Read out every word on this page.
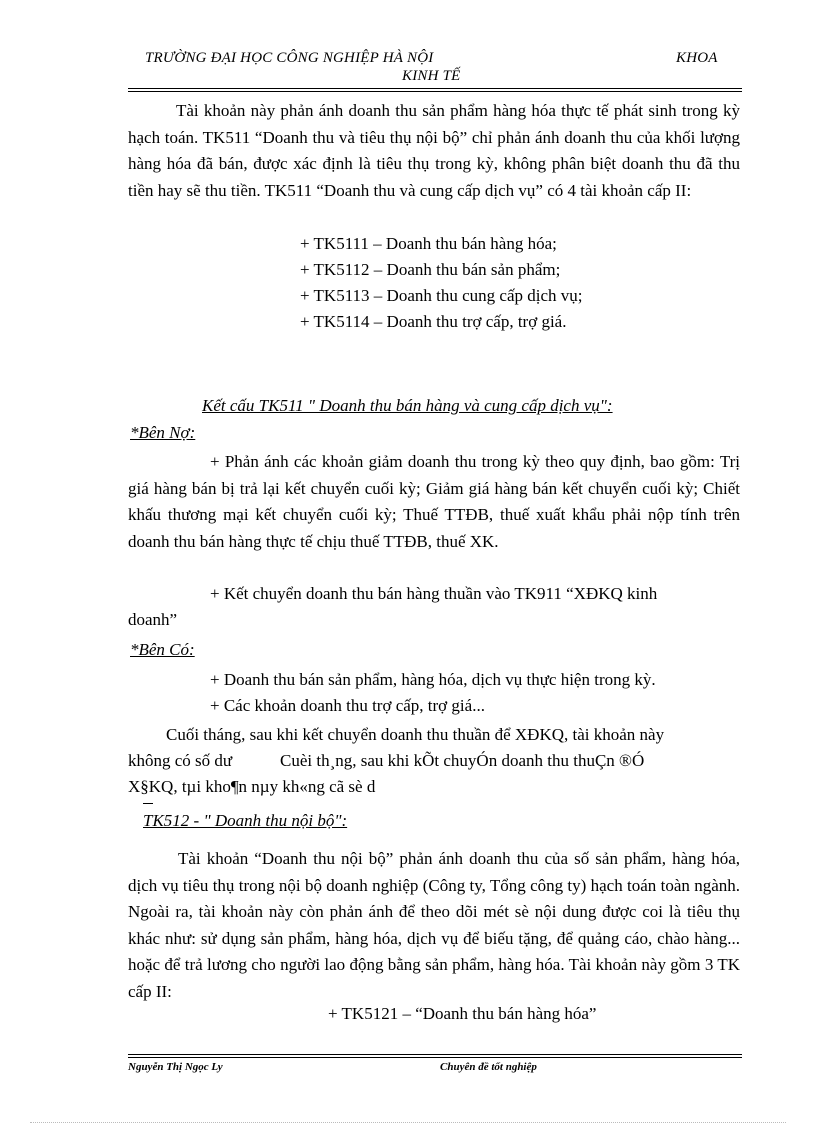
TRƯỜNG ĐẠI HỌC CÔNG NGHIỆP HÀ NỘI	KHOA
KINH TẾ

Tài khoản này phản ánh doanh thu sản phẩm hàng hóa thực tế phát sinh trong kỳ hạch toán. TK511 “Doanh thu và tiêu thụ nội bộ” chỉ phản ánh doanh thu của khối lượng hàng hóa đã bán, được xác định là tiêu thụ trong kỳ, không phân biệt doanh thu đã thu tiền hay sẽ thu tiền. TK511 “Doanh thu và cung cấp dịch vụ” có 4 tài khoản cấp II:

+ TK5111 – Doanh thu bán hàng hóa;
+ TK5112 – Doanh thu bán sản phẩm;
+ TK5113 – Doanh thu cung cấp dịch vụ;
+ TK5114 – Doanh thu trợ cấp, trợ giá.
Kết cấu TK511 " Doanh thu bán hàng và cung cấp dịch vụ":
*Bên Nợ:

+ Phản ánh các khoản giảm doanh thu trong kỳ theo quy định, bao gồm: Trị giá hàng bán bị trả lại kết chuyển cuối kỳ; Giảm giá hàng bán kết chuyển cuối kỳ; Chiết khấu thương mại kết chuyển cuối kỳ; Thuế TTĐB, thuế xuất khẩu phải nộp tính trên doanh thu bán hàng thực tế chịu thuế TTĐB, thuế XK.

+ Kết chuyển doanh thu bán hàng thuần vào TK911 “XĐKQ kinh
doanh”
*Bên Có:
+ Doanh thu bán sản phẩm, hàng hóa, dịch vụ thực hiện trong kỳ.
+ Các khoản doanh thu trợ cấp, trợ giá...
Cuối tháng, sau khi kết chuyển doanh thu thuần để XĐKQ, tài khoản này
không có số dư	Cuèi th¸ng, sau khi kÕt chuyÓn doanh thu thuÇn ®Ó
X§KQ, tµi kho¶n nµy kh«ng cã sè d
TK512 - " Doanh thu nội bộ":

Tài khoản “Doanh thu nội bộ” phản ánh doanh thu của số sản phẩm, hàng hóa, dịch vụ tiêu thụ trong nội bộ doanh nghiệp (Công ty, Tổng công ty) hạch toán toàn ngành. Ngoài ra, tài khoản này còn phản ánh để theo dõi mét sè nội dung được coi là tiêu thụ khác như: sử dụng sản phẩm, hàng hóa, dịch vụ để biếu tặng, để quảng cáo, chào hàng... hoặc để trả lương cho người lao động bằng sản phẩm, hàng hóa. Tài khoản này gồm 3 TK cấp II:

+ TK5121 – “Doanh thu bán hàng hóa”
Nguyễn Thị Ngọc Ly	Chuyên đề tốt nghiệp
